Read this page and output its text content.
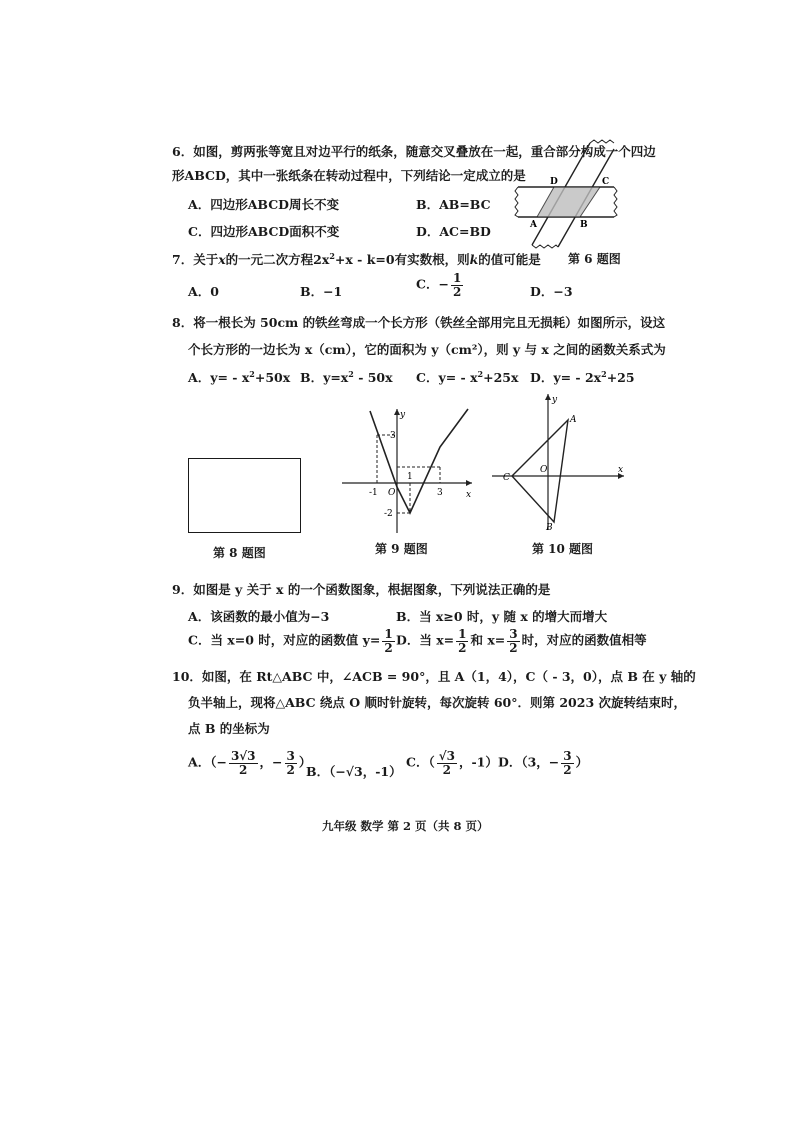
6．如图，剪两张等宽且对边平行的纸条，随意交叉叠放在一起，重合部分构成一个四边
形ABCD，其中一张纸条在转动过程中，下列结论一定成立的是
A．四边形ABCD周长不变	B．AB=BC
C．四边形ABCD面积不变	D．AC=BD
D	C
A	B
第 6 题图
7．关于x的一元二次方程$2x^2+x - k=0$有实数根，则k的值可能是
A．0	B．−1	C．− $\frac{1}{2}$	D．−3
8．将一根长为 50cm 的铁丝弯成一个长方形（铁丝全部用完且无损耗）如图所示，设这
个长方形的一边长为 x（cm），它的面积为 y（cm²），则 y 与 x 之间的函数关系式为
A．$y= - x^2+50x$ B．$y=x^2 - 50x$ C．$y= - x^2+25x$ D．$y= - 2x^2+25$
第 8 题图
y
x
O
3
-1
1
3
-2
第 9 题图
y
x
O
A
B
C
第 10 题图
9．如图是 y 关于 x 的一个函数图象，根据图象，下列说法正确的是
A．该函数的最小值为−3	B．当 x≥0 时，y 随 x 的增大而增大
C．当 x=0 时，对应的函数值 $y= \frac{1}{2}$ D．当 $x= \frac{1}{2}$ 和 $x= \frac{3}{2}$ 时，对应的函数值相等
10．如图，在 Rt△ABC 中，∠ACB = 90°，且 A（1，4），C（ - 3，0），点 B 在 y 轴的
负半轴上，现将△ABC 绕点 O 顺时针旋转，每次旋转 60°．则第 2023 次旋转结束时，
点 B 的坐标为
A．（− $\frac{3√3}{2}$ ，− $\frac{3}{2}$ ）
B．（−√3，-1）
C．（ $\frac{√3}{2}$ ，-1） D．（3，− $\frac{3}{2}$ ）
九年级 数学 第 2 页（共 8 页）
